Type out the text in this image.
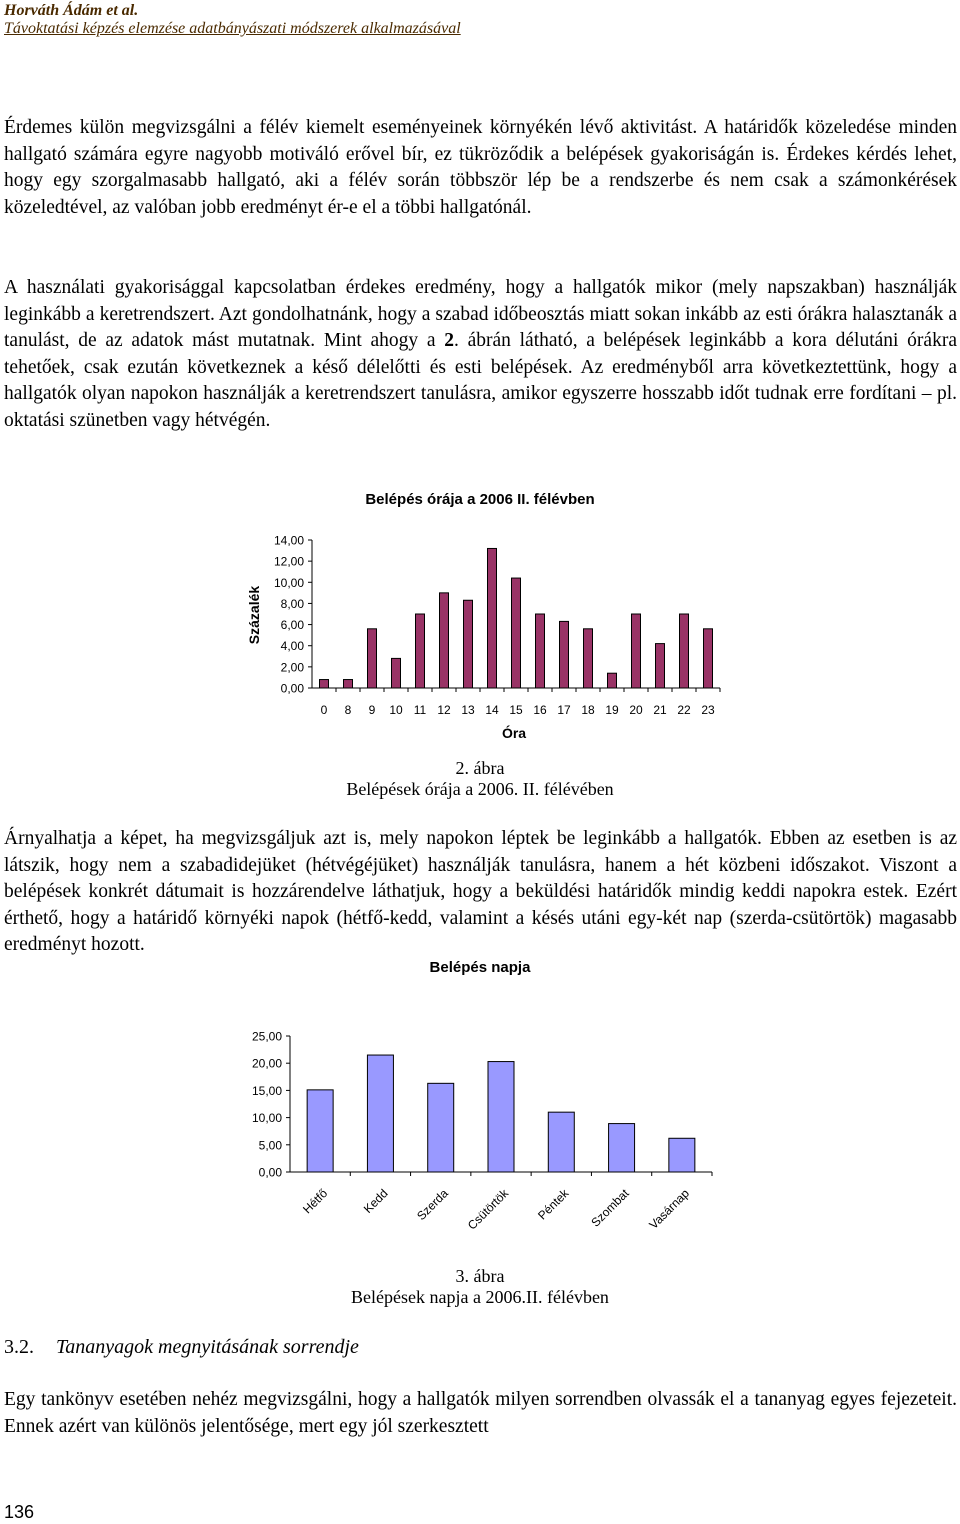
Horváth Ádám et al.
Távoktatási képzés elemzése adatbányászati módszerek alkalmazásával

Érdemes külön megvizsgálni a félév kiemelt eseményeinek környékén lévő aktivitást. A határidők közeledése minden hallgató számára egyre nagyobb motiváló erővel bír, ez tükröződik a belépések gyakoriságán is. Érdekes kérdés lehet, hogy egy szorgalmasabb hallgató, aki a félév során többször lép be a rendszerbe és nem csak a számonkérések közeledtével, az valóban jobb eredményt ér-e el a többi hallgatónál.

A használati gyakorisággal kapcsolatban érdekes eredmény, hogy a hallgatók mikor (mely napszakban) használják leginkább a keretrendszert. Azt gondolhatnánk, hogy a szabad időbeosztás miatt sokan inkább az esti órákra halasztanák a tanulást, de az adatok mást mutatnak. Mint ahogy a 2. ábrán látható, a belépések leginkább a kora délutáni órákra tehetőek, csak ezután következnek a késő délelőtti és esti belépések. Az eredményből arra következtettünk, hogy a hallgatók olyan napokon használják a keretrendszert tanulásra, amikor egyszerre hosszabb időt tudnak erre fordítani – pl. oktatási szünetben vagy hétvégén.

Belépés órája a 2006 II. félévben
Százalék
Óra
0,00
2,00
4,00
6,00
8,00
10,00
12,00
14,00
0 8 9 10 11 12 13 14 15 16 17 18 19 20 21 22 23
2. ábra
Belépések órája a 2006. II. félévében

Árnyalhatja a képet, ha megvizsgáljuk azt is, mely napokon léptek be leginkább a hallgatók. Ebben az esetben is az látszik, hogy nem a szabadidejüket (hétvégéjüket) használják tanulásra, hanem a hét közbeni időszakot. Viszont a belépések konkrét dátumait is hozzárendelve láthatjuk, hogy a beküldési határidők mindig keddi napokra estek. Ezért érthető, hogy a határidő környéki napok (hétfő-kedd, valamint a késés utáni egy-két nap (szerda-csütörtök) magasabb eredményt hozott.

Belépés napja
0,00
5,00
10,00
15,00
20,00
25,00
Hétfő	Kedd Szerda Csütörtök Péntek Szombat Vasárnap
3. ábra
Belépések napja a 2006.II. félévben
3.2. Tananyagok megnyitásának sorrendje

Egy tankönyv esetében nehéz megvizsgálni, hogy a hallgatók milyen sorrendben olvassák el a tananyag egyes fejezeteit. Ennek azért van különös jelentősége, mert egy jól szerkesztett

136
